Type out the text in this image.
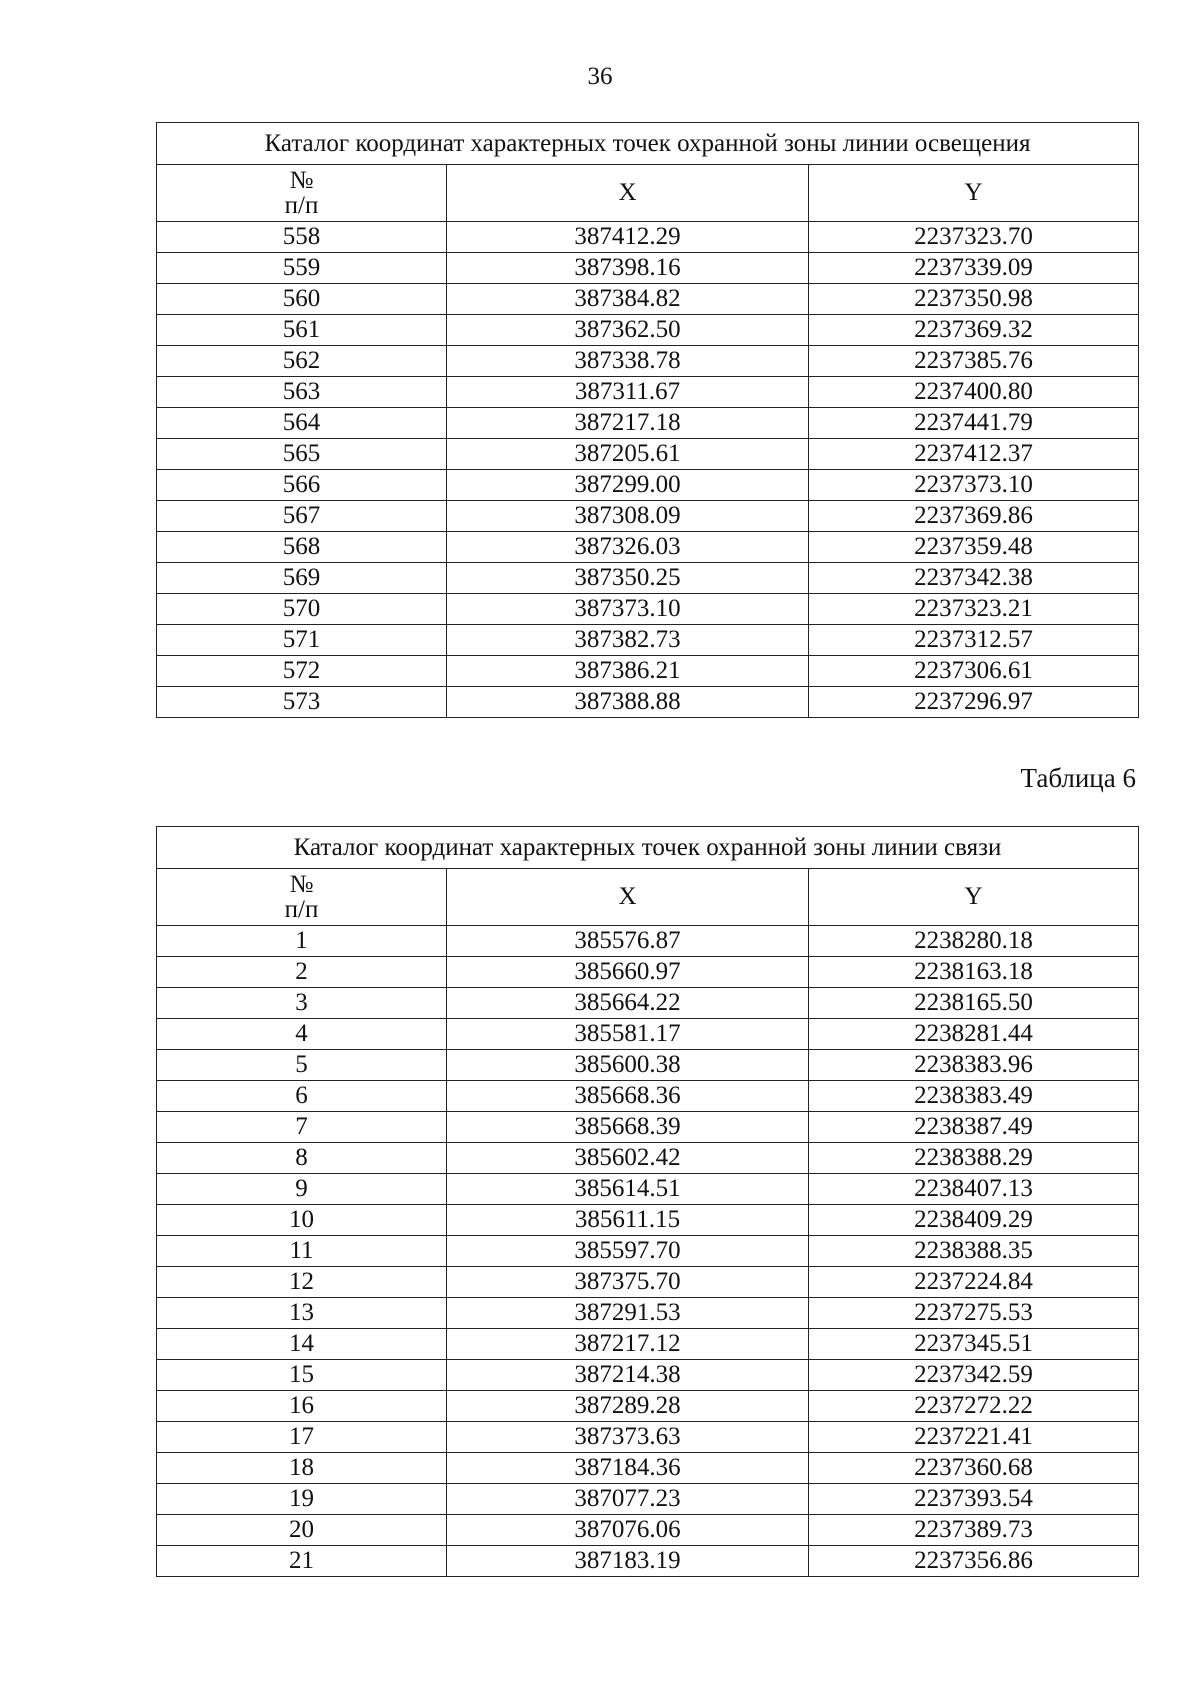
36
Каталог координат характерных точек охранной зоны линии освещения		

№
п/п	X	Y
558	387412.29	2237323.70
559	387398.16	2237339.09
560	387384.82	2237350.98
561	387362.50	2237369.32
562	387338.78	2237385.76
563	387311.67	2237400.80
564	387217.18	2237441.79
565	387205.61	2237412.37
566	387299.00	2237373.10
567	387308.09	2237369.86
568	387326.03	2237359.48
569	387350.25	2237342.38
570	387373.10	2237323.21
571	387382.73	2237312.57
572	387386.21	2237306.61
573	387388.88	2237296.97
Таблица 6
Каталог координат характерных точек охранной зоны линии связи		

№
п/п	X	Y
1	385576.87	2238280.18
2	385660.97	2238163.18
3	385664.22	2238165.50
4	385581.17	2238281.44
5	385600.38	2238383.96
6	385668.36	2238383.49
7	385668.39	2238387.49
8	385602.42	2238388.29
9	385614.51	2238407.13
10	385611.15	2238409.29
11	385597.70	2238388.35
12	387375.70	2237224.84
13	387291.53	2237275.53
14	387217.12	2237345.51
15	387214.38	2237342.59
16	387289.28	2237272.22
17	387373.63	2237221.41
18	387184.36	2237360.68
19	387077.23	2237393.54
20	387076.06	2237389.73
21	387183.19	2237356.86
